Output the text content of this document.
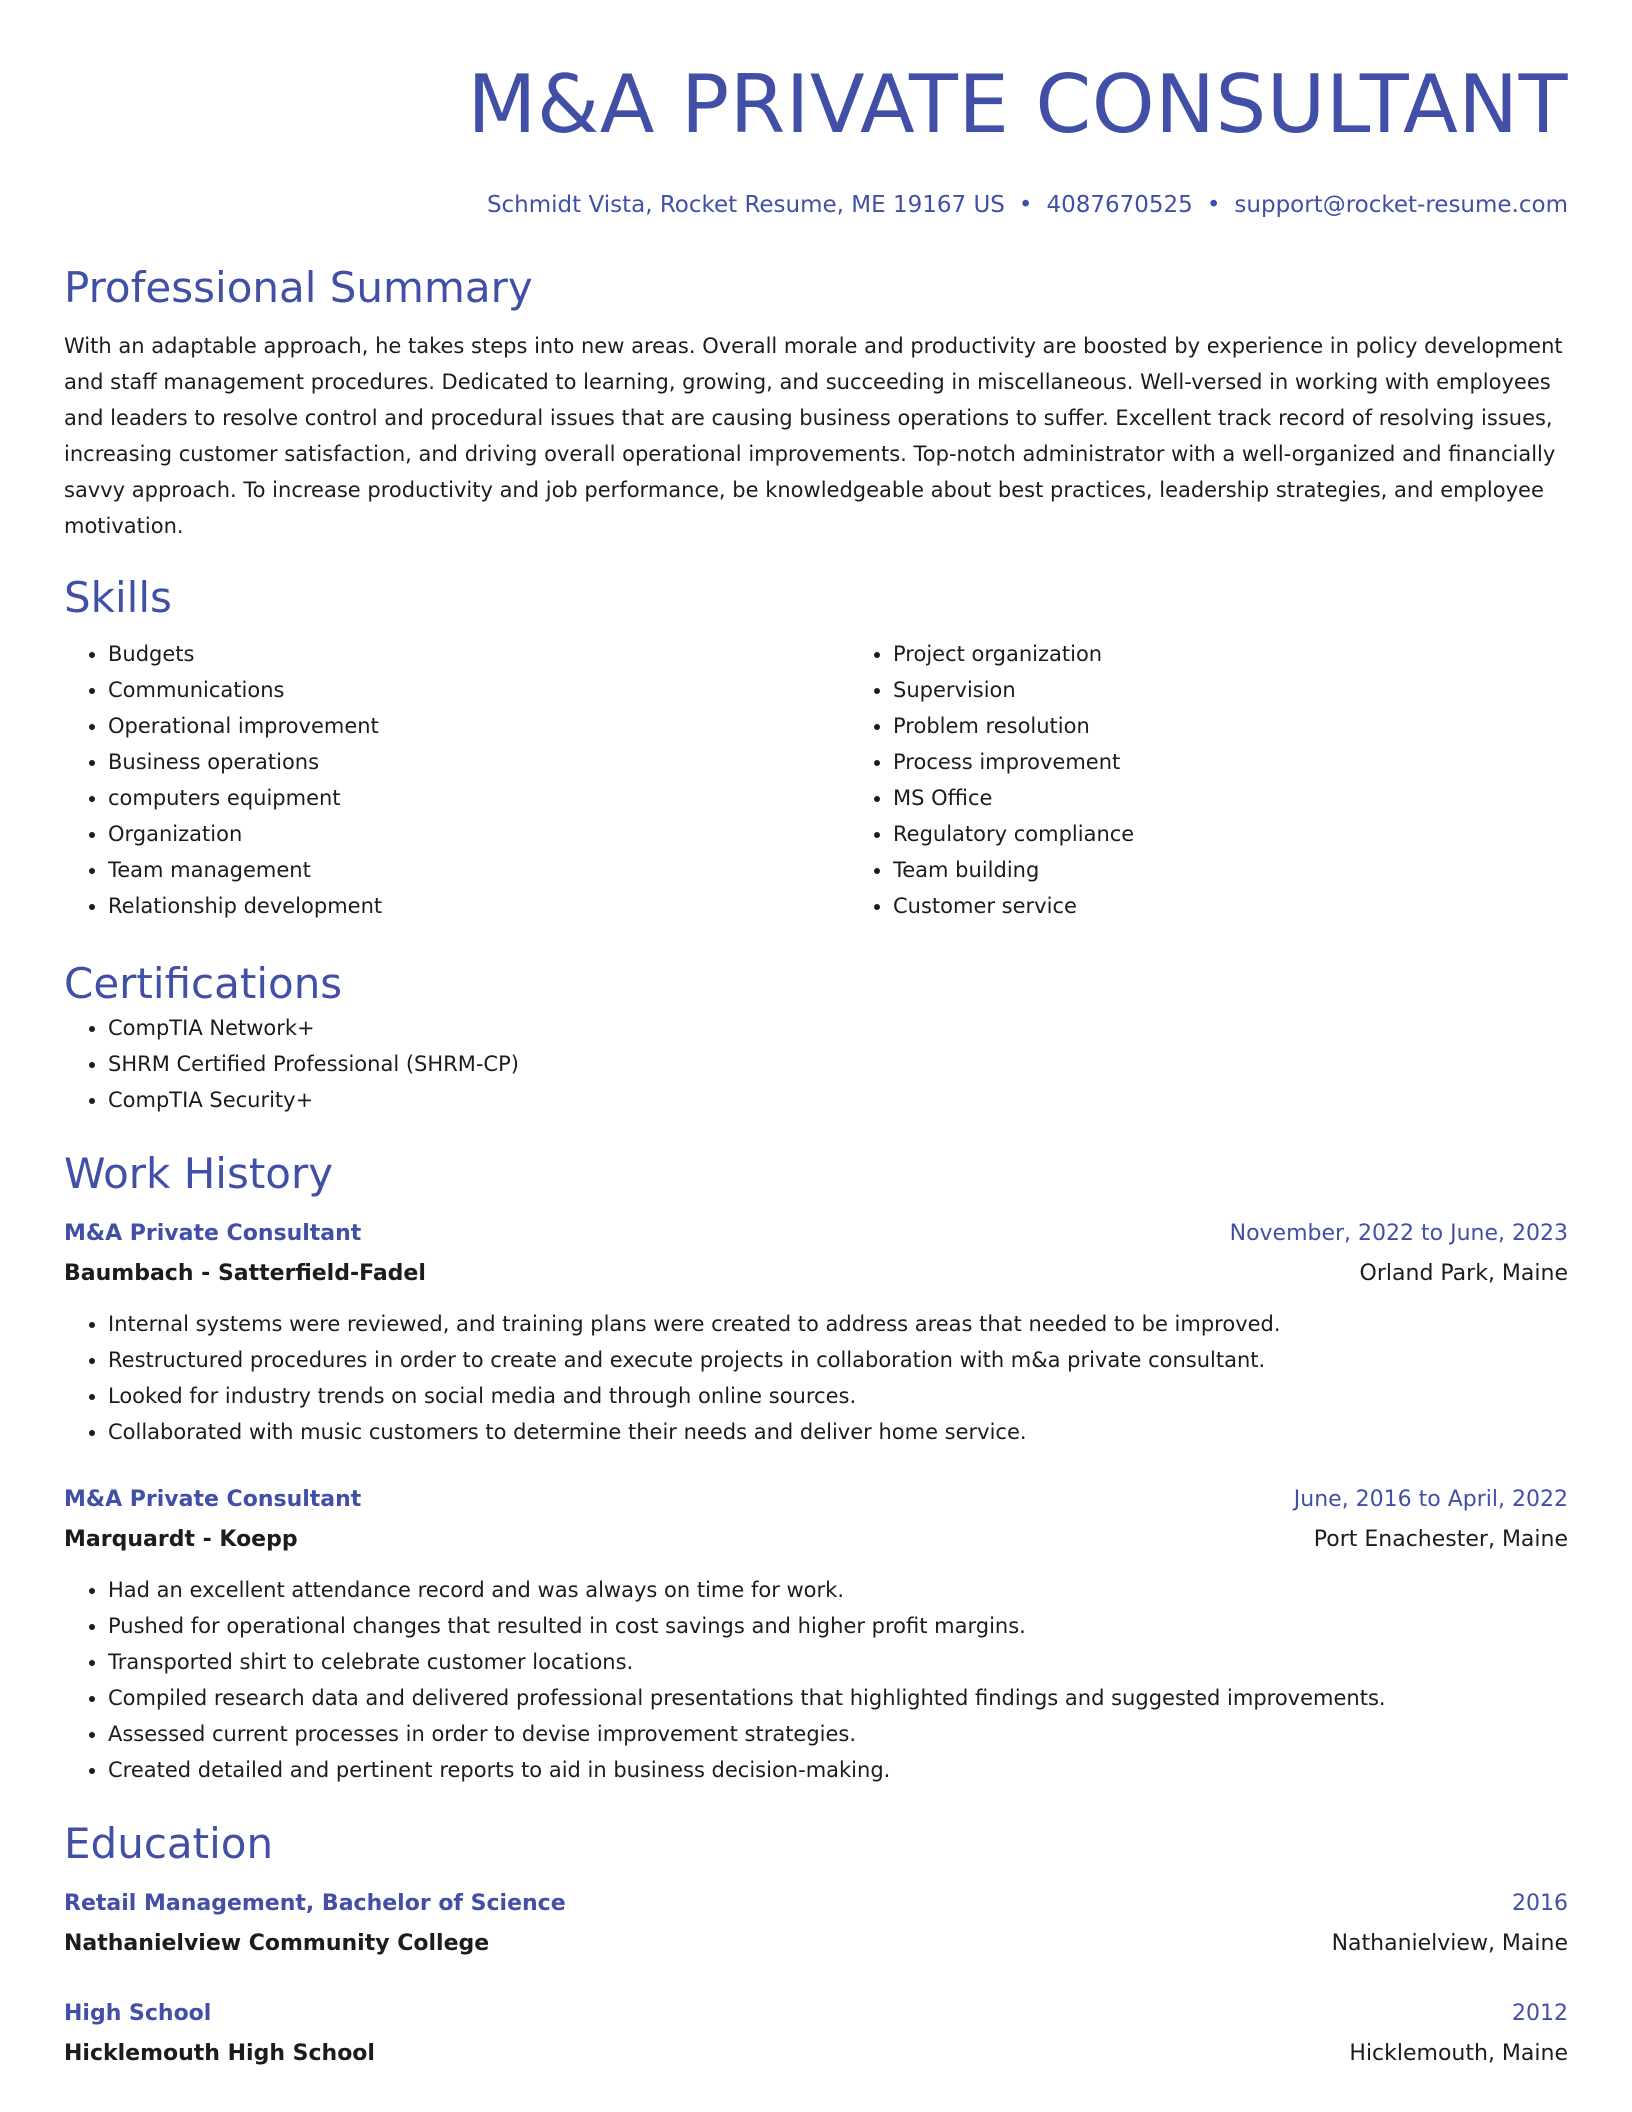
M&A PRIVATE CONSULTANT
Schmidt Vista, Rocket Resume, ME 19167 US • 4087670525 • support@rocket-resume.com
Professional Summary

With an adaptable approach, he takes steps into new areas. Overall morale and productivity are boosted by experience in policy development and staff management procedures. Dedicated to learning, growing, and succeeding in miscellaneous. Well-versed in working with employees and leaders to resolve control and procedural issues that are causing business operations to suffer. Excellent track record of resolving issues, increasing customer satisfaction, and driving overall operational improvements. Top-notch administrator with a well-organized and financially savvy approach. To increase productivity and job performance, be knowledgeable about best practices, leadership strategies, and employee motivation.

Skills
• Budgets
• Communications
• Operational improvement
• Business operations
• computers equipment
• Organization
• Team management
• Relationship development
• Project organization
• Supervision
• Problem resolution
• Process improvement
• MS Office
• Regulatory compliance
• Team building
• Customer service
Certifications
• CompTIA Network+
• SHRM Certified Professional (SHRM-CP)
• CompTIA Security+
Work History
M&A Private Consultant	November, 2022 to June, 2023
Baumbach - Satterfield-Fadel	Orland Park, Maine
• Internal systems were reviewed, and training plans were created to address areas that needed to be improved.
• Restructured procedures in order to create and execute projects in collaboration with m&a private consultant.
• Looked for industry trends on social media and through online sources.
• Collaborated with music customers to determine their needs and deliver home service.
M&A Private Consultant	June, 2016 to April, 2022
Marquardt - Koepp	Port Enachester, Maine
• Had an excellent attendance record and was always on time for work.
• Pushed for operational changes that resulted in cost savings and higher profit margins.
• Transported shirt to celebrate customer locations.
• Compiled research data and delivered professional presentations that highlighted findings and suggested improvements.
• Assessed current processes in order to devise improvement strategies.
• Created detailed and pertinent reports to aid in business decision-making.
Education
Retail Management, Bachelor of Science	2016
Nathanielview Community College	Nathanielview, Maine
High School	2012
Hicklemouth High School	Hicklemouth, Maine
